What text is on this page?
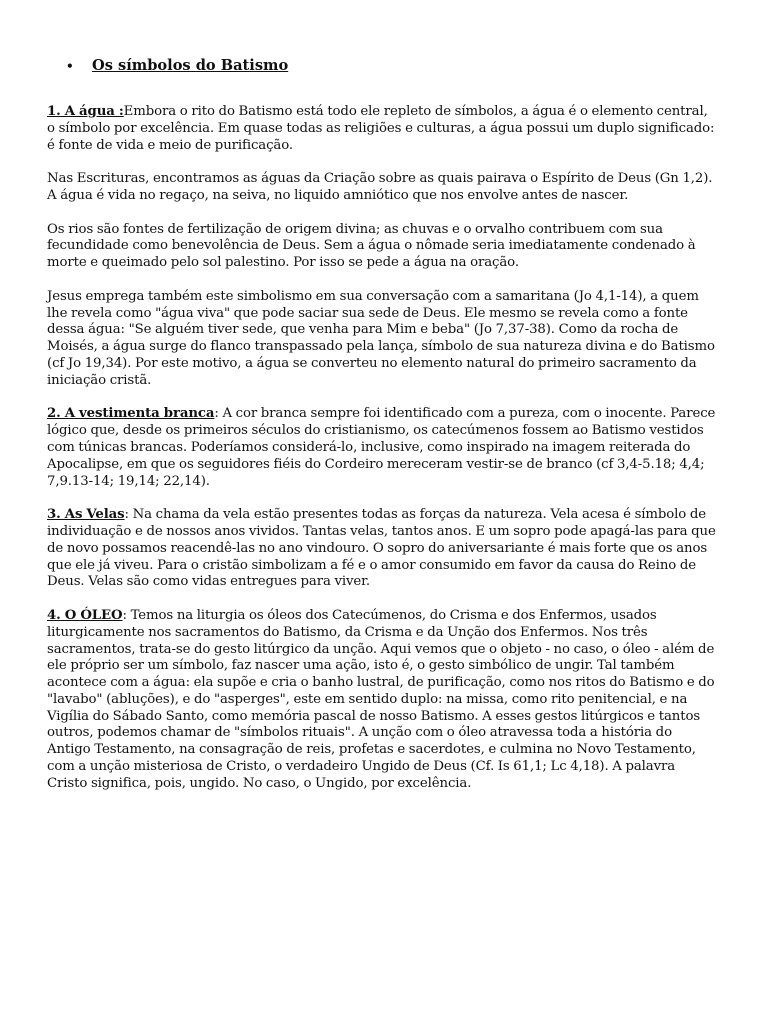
•	Os símbolos do Batismo

1. A água :Embora o rito do Batismo está todo ele repleto de símbolos, a água é o elemento central, o símbolo por excelência. Em quase todas as religiões e culturas, a água possui um duplo significado: é fonte de vida e meio de purificação.

Nas Escrituras, encontramos as águas da Criação sobre as quais pairava o Espírito de Deus (Gn 1,2). A água é vida no regaço, na seiva, no liquido amniótico que nos envolve antes de nascer.

Os rios são fontes de fertilização de origem divina; as chuvas e o orvalho contribuem com sua fecundidade como benevolência de Deus. Sem a água o nômade seria imediatamente condenado à morte e queimado pelo sol palestino. Por isso se pede a água na oração.

Jesus emprega também este simbolismo em sua conversação com a samaritana (Jo 4,1-14), a quem lhe revela como "água viva" que pode saciar sua sede de Deus. Ele mesmo se revela como a fonte dessa água: "Se alguém tiver sede, que venha para Mim e beba" (Jo 7,37-38). Como da rocha de Moisés, a água surge do flanco transpassado pela lança, símbolo de sua natureza divina e do Batismo (cf Jo 19,34). Por este motivo, a água se converteu no elemento natural do primeiro sacramento da iniciação cristã.

2. A vestimenta branca: A cor branca sempre foi identificado com a pureza, com o inocente. Parece lógico que, desde os primeiros séculos do cristianismo, os catecúmenos fossem ao Batismo vestidos com túnicas brancas. Poderíamos considerá-lo, inclusive, como inspirado na imagem reiterada do Apocalipse, em que os seguidores fiéis do Cordeiro mereceram vestir-se de branco (cf 3,4-5.18; 4,4; 7,9.13-14; 19,14; 22,14).

3. As Velas: Na chama da vela estão presentes todas as forças da natureza. Vela acesa é símbolo de individuação e de nossos anos vividos. Tantas velas, tantos anos. E um sopro pode apagá-las para que de novo possamos reacendê-las no ano vindouro. O sopro do aniversariante é mais forte que os anos que ele já viveu. Para o cristão simbolizam a fé e o amor consumido em favor da causa do Reino de Deus. Velas são como vidas entregues para viver.

4. O ÓLEO: Temos na liturgia os óleos dos Catecúmenos, do Crisma e dos Enfermos, usados liturgicamente nos sacramentos do Batismo, da Crisma e da Unção dos Enfermos. Nos três sacramentos, trata-se do gesto litúrgico da unção. Aqui vemos que o objeto - no caso, o óleo - além de ele próprio ser um símbolo, faz nascer uma ação, isto é, o gesto simbólico de ungir. Tal também acontece com a água: ela supõe e cria o banho lustral, de purificação, como nos ritos do Batismo e do "lavabo" (abluções), e do "asperges", este em sentido duplo: na missa, como rito penitencial, e na Vigília do Sábado Santo, como memória pascal de nosso Batismo. A esses gestos litúrgicos e tantos outros, podemos chamar de "símbolos rituais". A unção com o óleo atravessa toda a história do Antigo Testamento, na consagração de reis, profetas e sacerdotes, e culmina no Novo Testamento, com a unção misteriosa de Cristo, o verdadeiro Ungido de Deus (Cf. Is 61,1; Lc 4,18). A palavra Cristo significa, pois, ungido. No caso, o Ungido, por excelência.
